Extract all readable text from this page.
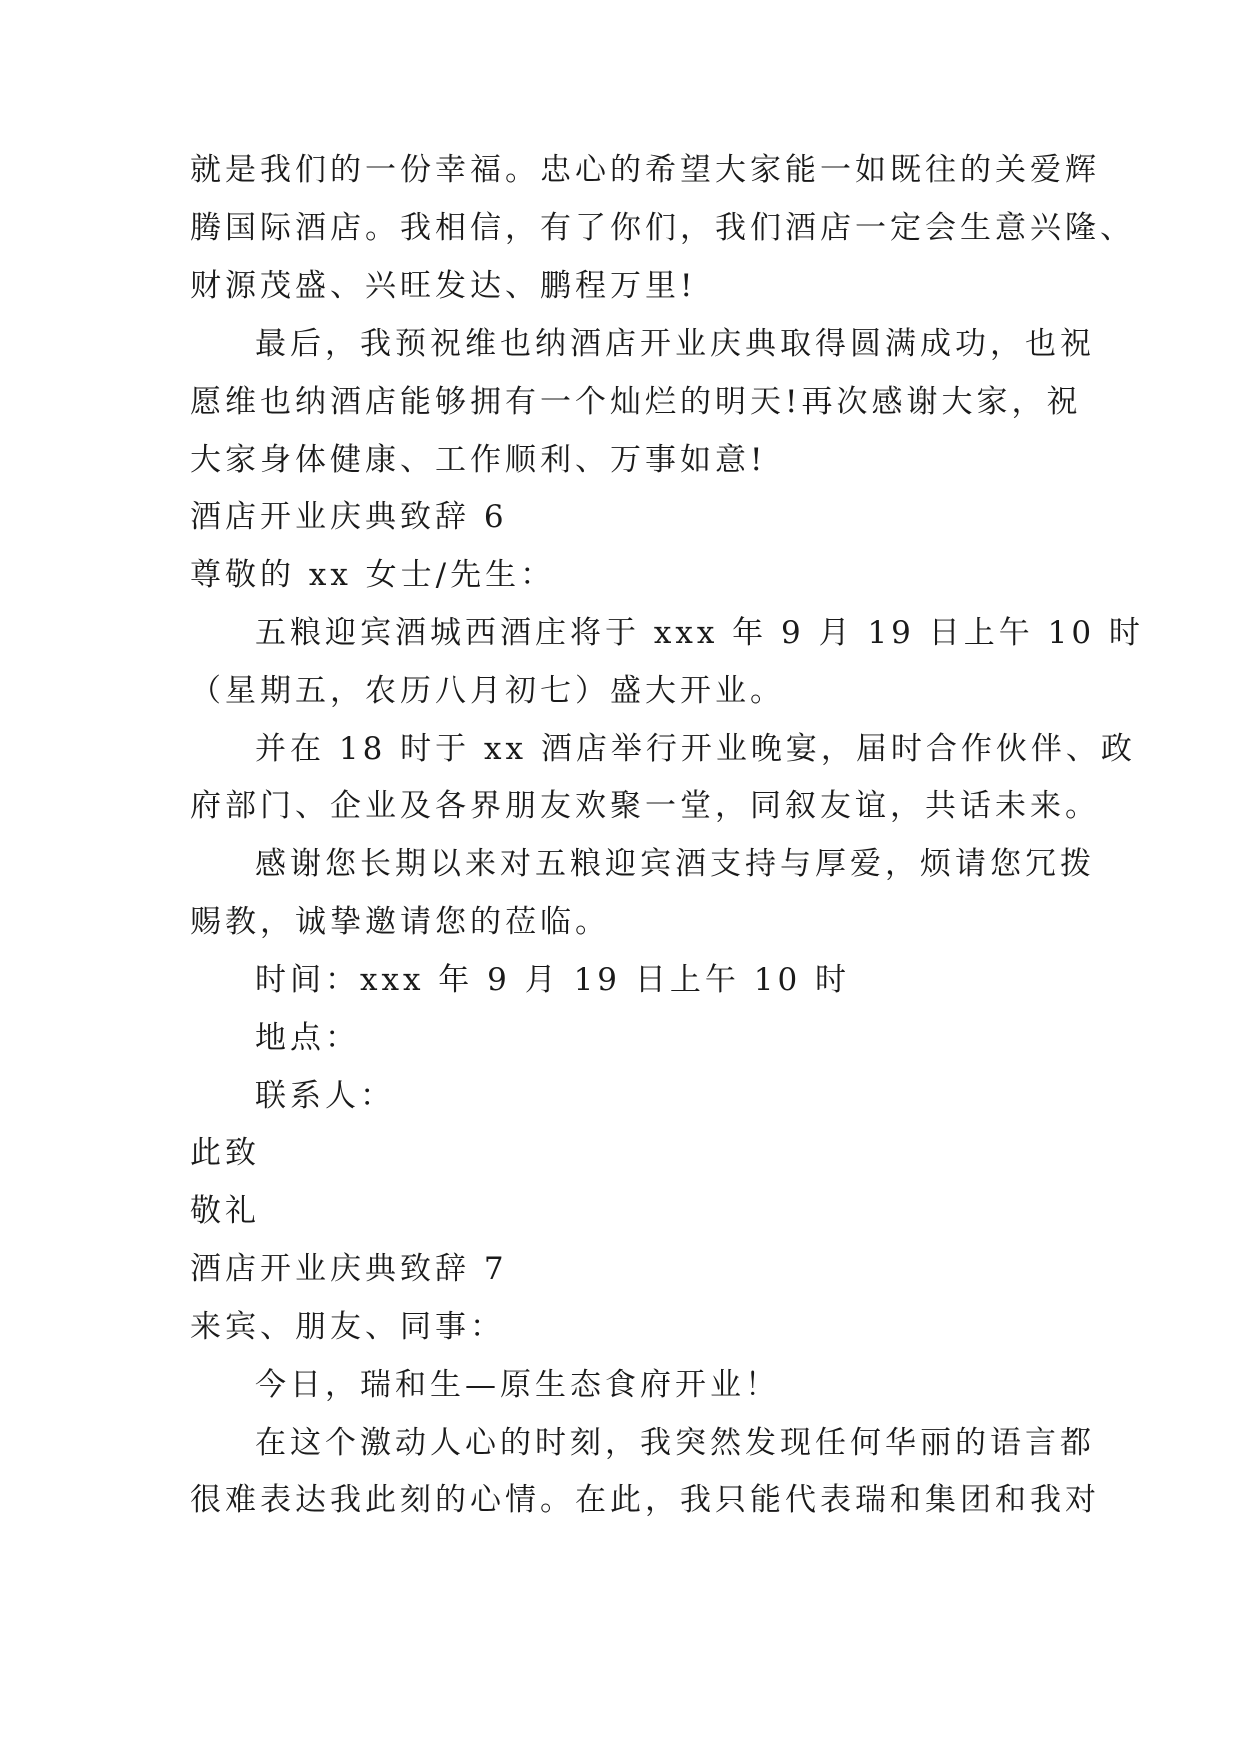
就是我们的一份幸福。忠心的希望大家能一如既往的关爱辉
腾国际酒店。我相信，有了你们，我们酒店一定会生意兴隆、
财源茂盛、兴旺发达、鹏程万里!
最后，我预祝维也纳酒店开业庆典取得圆满成功，也祝
愿维也纳酒店能够拥有一个灿烂的明天!再次感谢大家，祝
大家身体健康、工作顺利、万事如意!
酒店开业庆典致辞 6
尊敬的 xx 女士/先生：
五粮迎宾酒城西酒庄将于 xxx 年 9 月 19 日上午 10 时
（星期五，农历八月初七）盛大开业。
并在 18 时于 xx 酒店举行开业晚宴，届时合作伙伴、政
府部门、企业及各界朋友欢聚一堂，同叙友谊，共话未来。
感谢您长期以来对五粮迎宾酒支持与厚爱，烦请您冗拨
赐教，诚挚邀请您的莅临。
时间：xxx 年 9 月 19 日上午 10 时
地点：
联系人：
此致
敬礼
酒店开业庆典致辞 7
来宾、朋友、同事：
今日，瑞和生—原生态食府开业！
在这个激动人心的时刻，我突然发现任何华丽的语言都
很难表达我此刻的心情。在此，我只能代表瑞和集团和我对
